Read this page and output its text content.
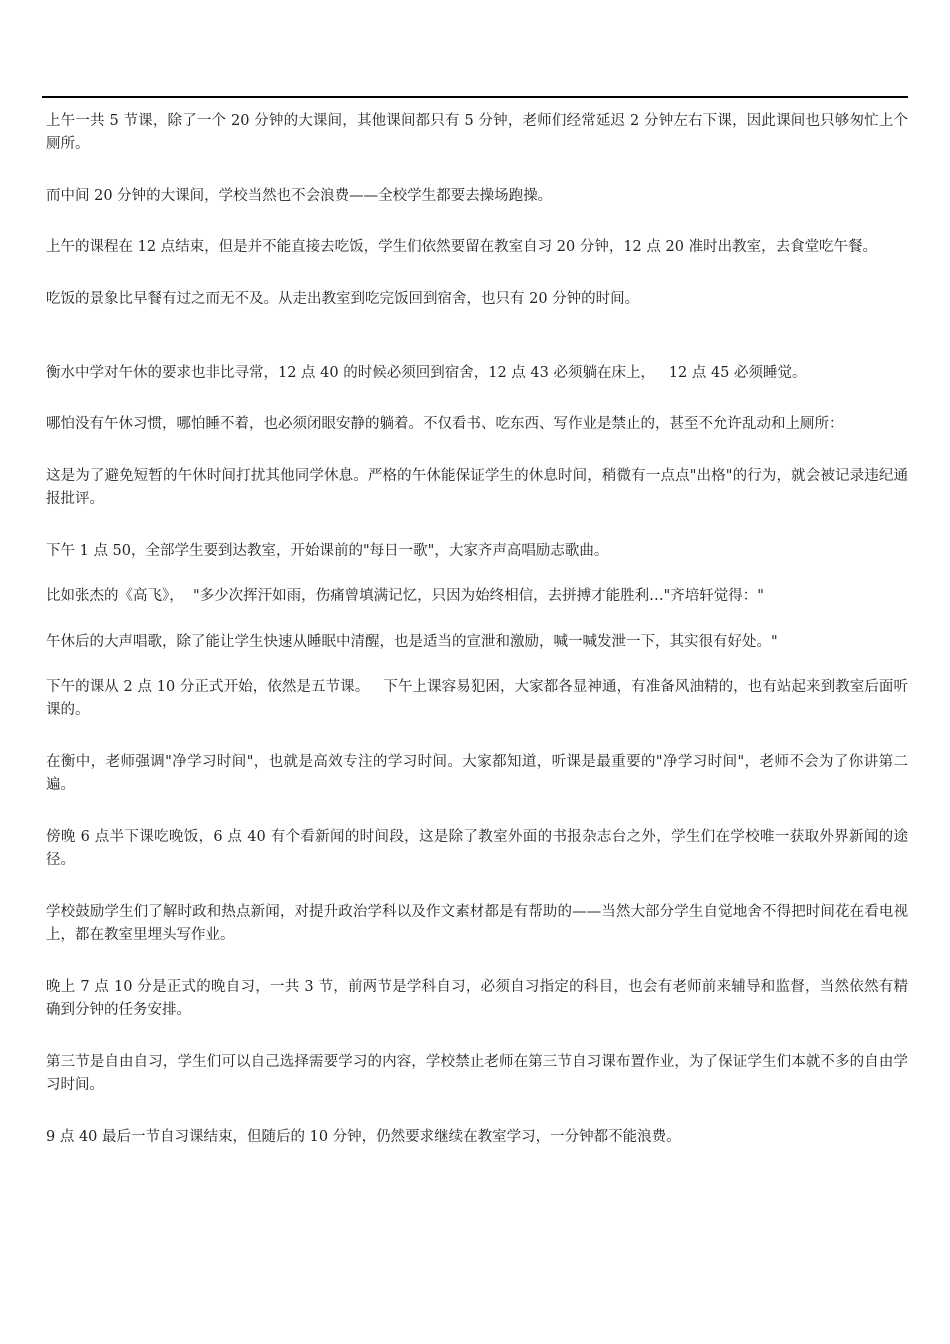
上午一共 5 节课，除了一个 20 分钟的大课间，其他课间都只有 5 分钟，老师们经常延迟 2 分钟左右下课，因此课间也只够匆忙上个厕所。

而中间 20 分钟的大课间，学校当然也不会浪费——全校学生都要去操场跑操。

上午的课程在 12 点结束，但是并不能直接去吃饭，学生们依然要留在教室自习 20 分钟，12 点 20 准时出教室，去食堂吃午餐。

吃饭的景象比早餐有过之而无不及。从走出教室到吃完饭回到宿舍，也只有 20 分钟的时间。

衡水中学对午休的要求也非比寻常，12 点 40 的时候必须回到宿舍，12 点 43 必须躺在床上，   12 点 45 必须睡觉。

哪怕没有午休习惯，哪怕睡不着，也必须闭眼安静的躺着。不仅看书、吃东西、写作业是禁止的，甚至不允许乱动和上厕所：

这是为了避免短暂的午休时间打扰其他同学休息。严格的午休能保证学生的休息时间，稍微有一点点"出格"的行为，就会被记录违纪通报批评。

下午 1 点 50，全部学生要到达教室，开始课前的"每日一歌"，大家齐声高唱励志歌曲。

比如张杰的《高飞》，  "多少次挥汗如雨，伤痛曾填满记忆，只因为始终相信，去拼搏才能胜利…"齐培轩觉得："

午休后的大声唱歌，除了能让学生快速从睡眠中清醒，也是适当的宣泄和激励，喊一喊发泄一下，其实很有好处。"

下午的课从 2 点 10 分正式开始，依然是五节课。   下午上课容易犯困，大家都各显神通，有准备风油精的，也有站起来到教室后面听课的。

在衡中，老师强调"净学习时间"，也就是高效专注的学习时间。大家都知道，听课是最重要的"净学习时间"，老师不会为了你讲第二遍。

傍晚 6 点半下课吃晚饭，6 点 40 有个看新闻的时间段，这是除了教室外面的书报杂志台之外，学生们在学校唯一获取外界新闻的途径。

学校鼓励学生们了解时政和热点新闻，对提升政治学科以及作文素材都是有帮助的——当然大部分学生自觉地舍不得把时间花在看电视上，都在教室里埋头写作业。

晚上 7 点 10 分是正式的晚自习，一共 3 节，前两节是学科自习，必须自习指定的科目，也会有老师前来辅导和监督，当然依然有精确到分钟的任务安排。

第三节是自由自习，学生们可以自己选择需要学习的内容，学校禁止老师在第三节自习课布置作业，为了保证学生们本就不多的自由学习时间。

9 点 40 最后一节自习课结束，但随后的 10 分钟，仍然要求继续在教室学习，一分钟都不能浪费。
